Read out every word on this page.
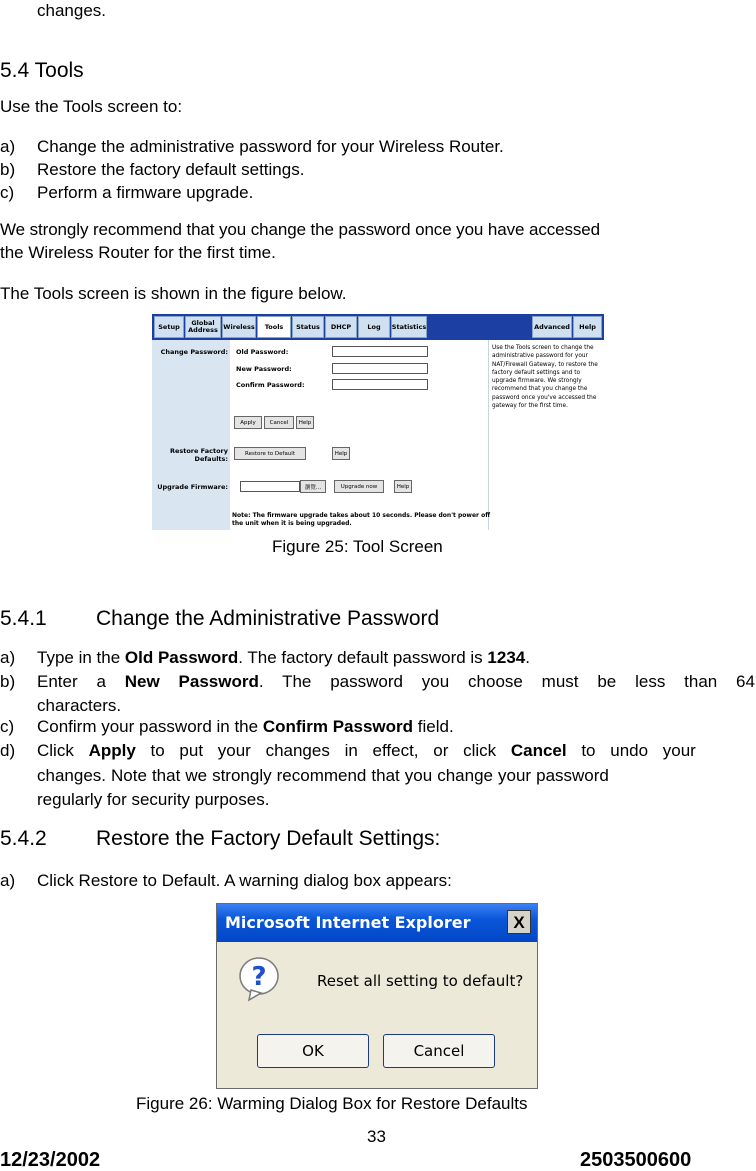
changes.
5.4 Tools
Use the Tools screen to:
a) Change the administrative password for your Wireless Router.
b) Restore the factory default settings.
c) Perform a firmware upgrade.
We strongly recommend that you change the password once you have accessed
the Wireless Router for the first time.
The Tools screen is shown in the figure below.
Setup	Global Address Wireless	Tools	Status	DHCP	Log	Statistics	Advanced	Help
Change Password: Old Password:
New Password:
Confirm Password:
Apply	Cancel	Help
Restore Factory Defaults:
Restore to Default	Help
Upgrade Firmware:	瀏覽...	Upgrade now	Help
Use the Tools screen to change the administrative password for your NAT/Firewall Gateway, to restore the factory default settings and to upgrade firmware. We strongly recommend that you change the password once you've accessed the gateway for the first time.
Note: The firmware upgrade takes about 10 seconds. Please don't power off the unit when it is being upgraded.
Figure 25: Tool Screen
5.4.1 Change the Administrative Password
a) Type in the Old Password. The factory default password is 1234.
b) Enter a New Password. The password you choose must be less than 64
characters.
c) Confirm your password in the Confirm Password field.
d) Click Apply to put your changes in effect, or click Cancel to undo your
changes. Note that we strongly recommend that you change your password
regularly for security purposes.
5.4.2 Restore the Factory Default Settings:
a) Click Restore to Default. A warning dialog box appears:
Microsoft Internet Explorer	X
?	Reset all setting to default?
OK	Cancel
Figure 26: Warming Dialog Box for Restore Defaults
33
12/23/2002	2503500600
